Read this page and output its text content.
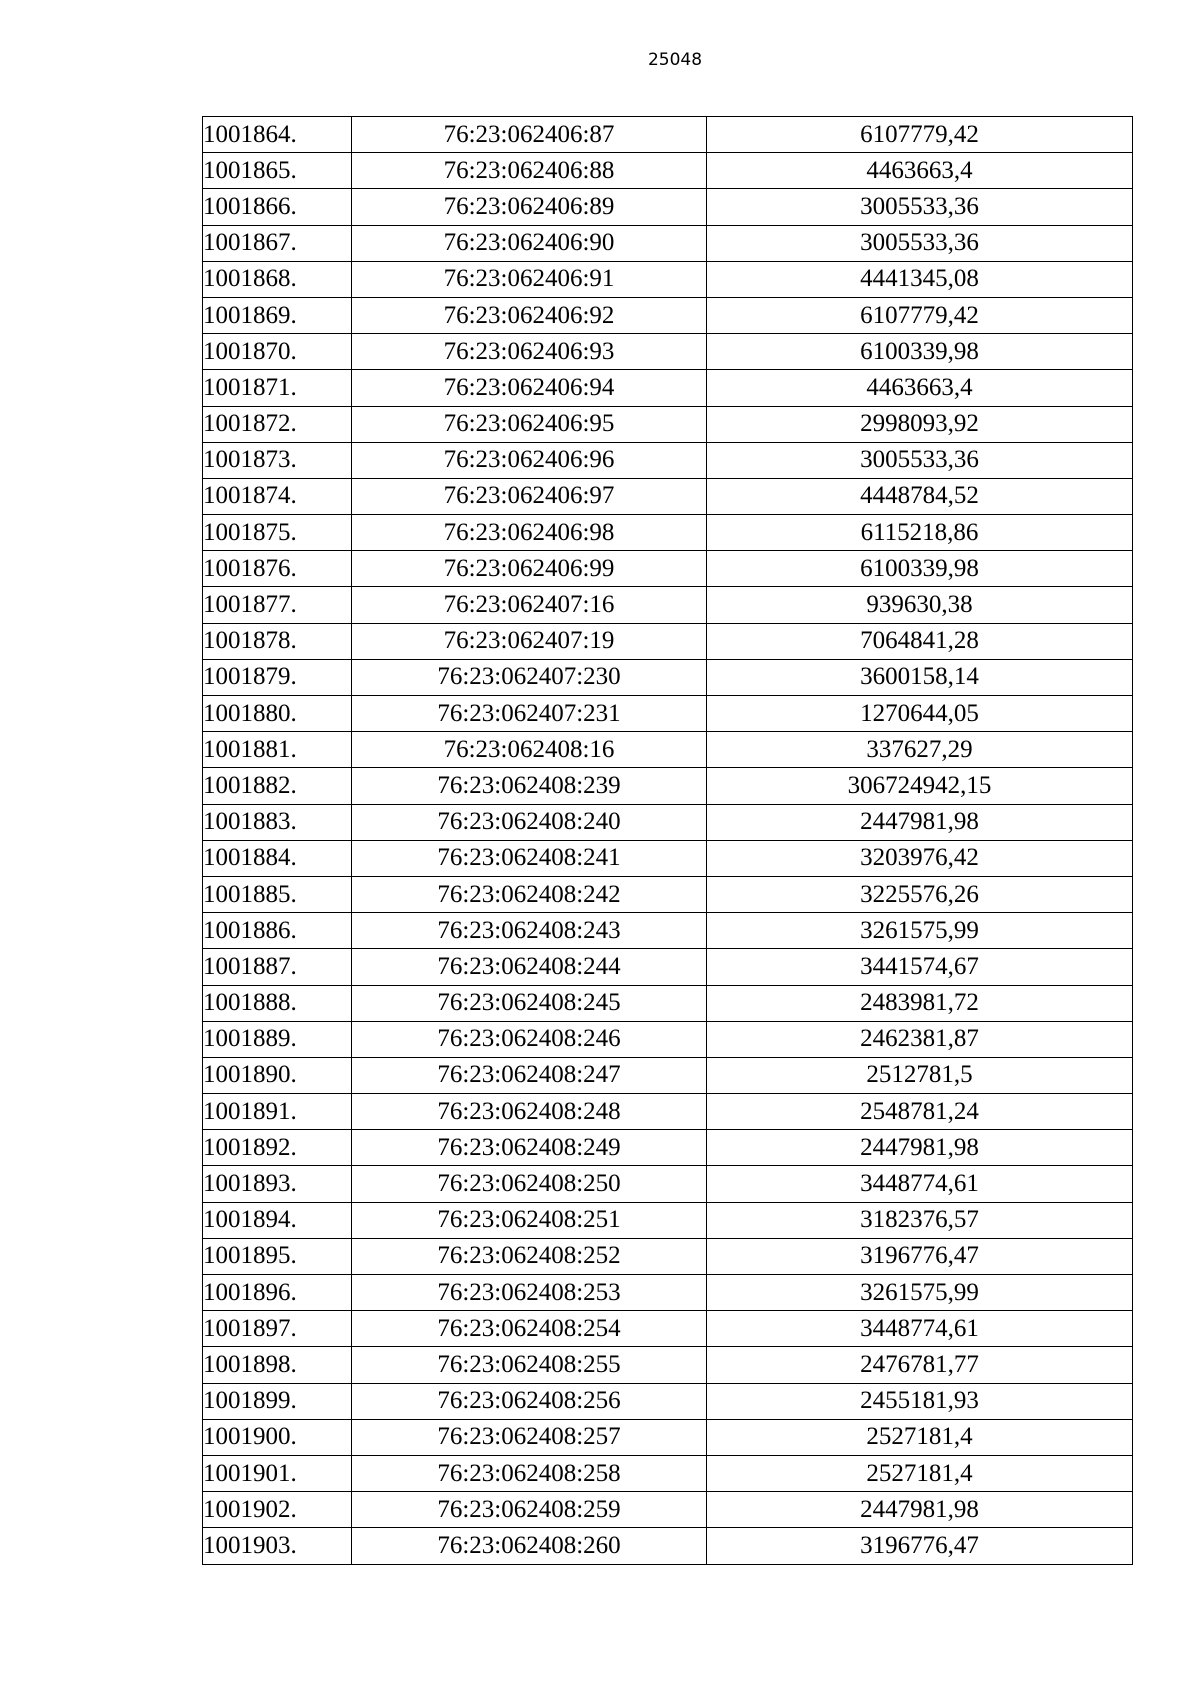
25048
1001864.	76:23:062406:87	6107779,42
1001865.	76:23:062406:88	4463663,4
1001866.	76:23:062406:89	3005533,36
1001867.	76:23:062406:90	3005533,36
1001868.	76:23:062406:91	4441345,08
1001869.	76:23:062406:92	6107779,42
1001870.	76:23:062406:93	6100339,98
1001871.	76:23:062406:94	4463663,4
1001872.	76:23:062406:95	2998093,92
1001873.	76:23:062406:96	3005533,36
1001874.	76:23:062406:97	4448784,52
1001875.	76:23:062406:98	6115218,86
1001876.	76:23:062406:99	6100339,98
1001877.	76:23:062407:16	939630,38
1001878.	76:23:062407:19	7064841,28
1001879.	76:23:062407:230	3600158,14
1001880.	76:23:062407:231	1270644,05
1001881.	76:23:062408:16	337627,29
1001882.	76:23:062408:239	306724942,15
1001883.	76:23:062408:240	2447981,98
1001884.	76:23:062408:241	3203976,42
1001885.	76:23:062408:242	3225576,26
1001886.	76:23:062408:243	3261575,99
1001887.	76:23:062408:244	3441574,67
1001888.	76:23:062408:245	2483981,72
1001889.	76:23:062408:246	2462381,87
1001890.	76:23:062408:247	2512781,5
1001891.	76:23:062408:248	2548781,24
1001892.	76:23:062408:249	2447981,98
1001893.	76:23:062408:250	3448774,61
1001894.	76:23:062408:251	3182376,57
1001895.	76:23:062408:252	3196776,47
1001896.	76:23:062408:253	3261575,99
1001897.	76:23:062408:254	3448774,61
1001898.	76:23:062408:255	2476781,77
1001899.	76:23:062408:256	2455181,93
1001900.	76:23:062408:257	2527181,4
1001901.	76:23:062408:258	2527181,4
1001902.	76:23:062408:259	2447981,98
1001903.	76:23:062408:260	3196776,47
